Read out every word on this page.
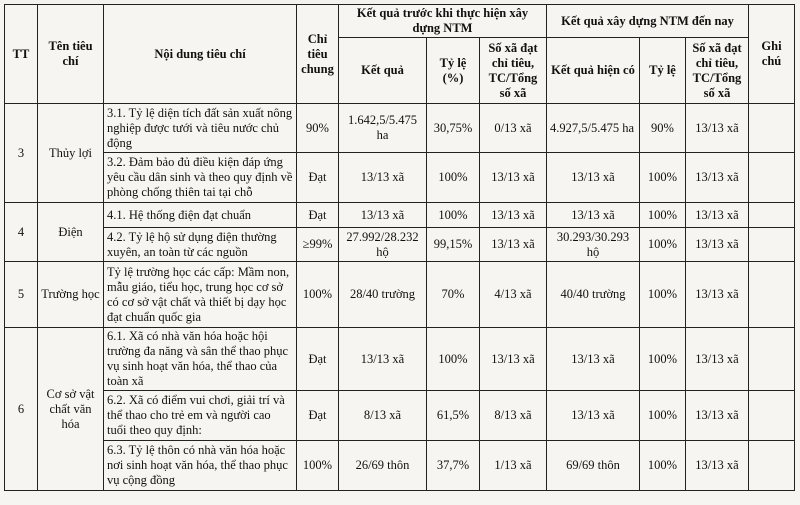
TT	Tên tiêu chí	Nội dung tiêu chí	Chỉ tiêu chung	Kết quả trước khi thực hiện xây dựng NTM			Kết quả xây dựng NTM đến nay			Ghi chú
				Kết quả	Tỷ lệ (%)	Số xã đạt chỉ tiêu, TC/Tổng số xã	Kết quả hiện có	Tỷ lệ	Số xã đạt chỉ tiêu, TC/Tổng số xã	
3	Thủy lợi	3.1. Tỷ lệ diện tích đất sản xuất nông nghiệp được tưới và tiêu nước chủ động	90%	1.642,5/5.475 ha	30,75%	0/13 xã	4.927,5/5.475 ha	90%	13/13 xã	
		3.2. Đảm bảo đủ điều kiện đáp ứng yêu cầu dân sinh và theo quy định về phòng chống thiên tai tại chỗ	Đạt	13/13 xã	100%	13/13 xã	13/13 xã	100%	13/13 xã	
4	Điện	4.1. Hệ thống điện đạt chuẩn	Đạt	13/13 xã	100%	13/13 xã	13/13 xã	100%	13/13 xã	
		4.2. Tỷ lệ hộ sử dụng điện thường xuyên, an toàn từ các nguồn	≥99%	27.992/28.232 hộ	99,15%	13/13 xã	30.293/30.293 hộ	100%	13/13 xã	
5	Trường học	Tỷ lệ trường học các cấp: Mầm non, mẫu giáo, tiểu học, trung học cơ sở có cơ sở vật chất và thiết bị dạy học đạt chuẩn quốc gia	100%	28/40 trường	70%	4/13 xã	40/40 trường	100%	13/13 xã	
6	Cơ sở vật chất văn hóa	6.1. Xã có nhà văn hóa hoặc hội trường đa năng và sân thể thao phục vụ sinh hoạt văn hóa, thể thao của toàn xã	Đạt	13/13 xã	100%	13/13 xã	13/13 xã	100%	13/13 xã	
		6.2. Xã có điểm vui chơi, giải trí và thể thao cho trẻ em và người cao tuổi theo quy định:	Đạt	8/13 xã	61,5%	8/13 xã	13/13 xã	100%	13/13 xã	
		6.3. Tỷ lệ thôn có nhà văn hóa hoặc nơi sinh hoạt văn hóa, thể thao phục vụ cộng đồng	100%	26/69 thôn	37,7%	1/13 xã	69/69 thôn	100%	13/13 xã	
